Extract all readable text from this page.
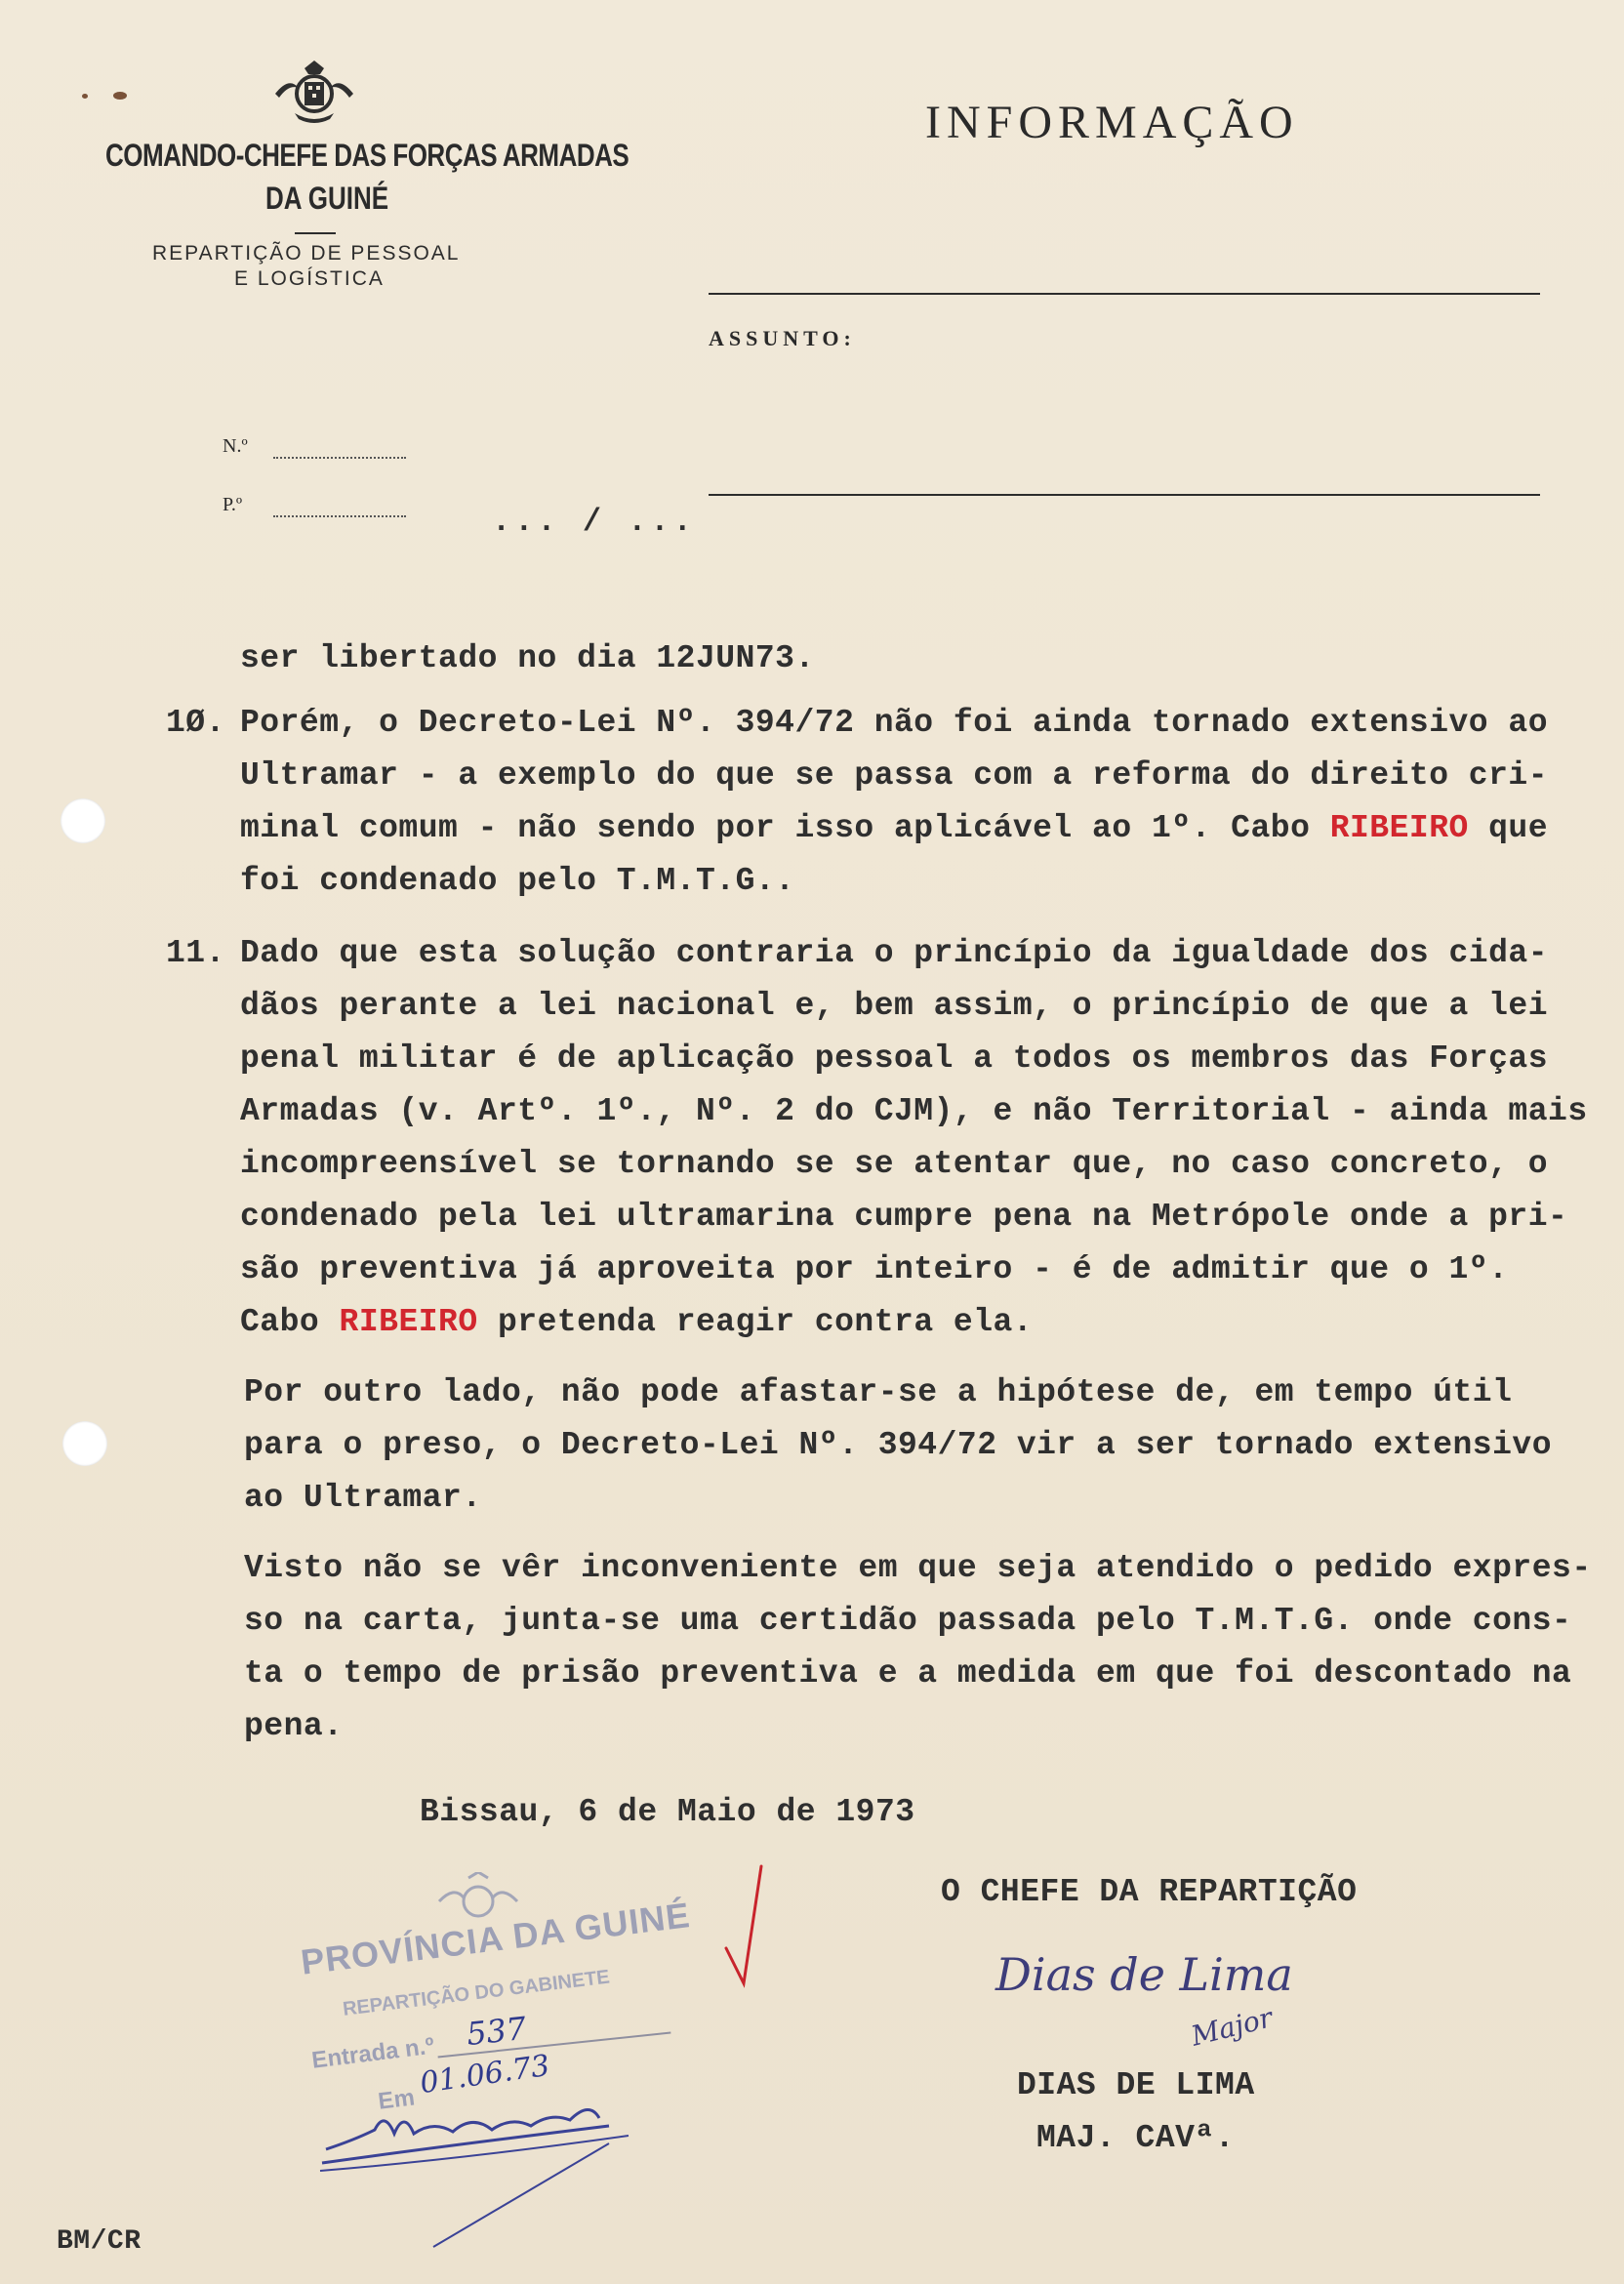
COMANDO-CHEFE DAS FORÇAS ARMADAS
DA GUINÉ
REPARTIÇÃO DE PESSOAL
E LOGÍSTICA
INFORMAÇÃO
ASSUNTO:
N.º
P.º	... / ...
ser libertado no dia 12JUN73.
1Ø. Porém, o Decreto-Lei Nº. 394/72 não foi ainda tornado extensivo ao
Ultramar - a exemplo do que se passa com a reforma do direito cri-
minal comum - não sendo por isso aplicável ao 1º. Cabo RIBEIRO que
foi condenado pelo T.M.T.G..
11. Dado que esta solução contraria o princípio da igualdade dos cida-
dãos perante a lei nacional e, bem assim, o princípio de que a lei
penal militar é de aplicação pessoal a todos os membros das Forças
Armadas (v. Artº. 1º., Nº. 2 do CJM), e não Territorial - ainda mais
incompreensível se tornando se se atentar que, no caso concreto, o
condenado pela lei ultramarina cumpre pena na Metrópole onde a pri-
são preventiva já aproveita por inteiro - é de admitir que o 1º.
Cabo RIBEIRO pretenda reagir contra ela.
Por outro lado, não pode afastar-se a hipótese de, em tempo útil
para o preso, o Decreto-Lei Nº. 394/72 vir a ser tornado extensivo
ao Ultramar.
Visto não se vêr inconveniente em que seja atendido o pedido expres-
so na carta, junta-se uma certidão passada pelo T.M.T.G. onde cons-
ta o tempo de prisão preventiva e a medida em que foi descontado na
pena.
Bissau, 6 de Maio de 1973
O CHEFE DA REPARTIÇÃO
Dias de Lima
Major
DIAS DE LIMA
MAJ. CAVª.
PROVÍNCIA DA GUINÉ
REPARTIÇÃO DO GABINETE
Entrada n.º
537
Em 01.06.73
BM/CR
